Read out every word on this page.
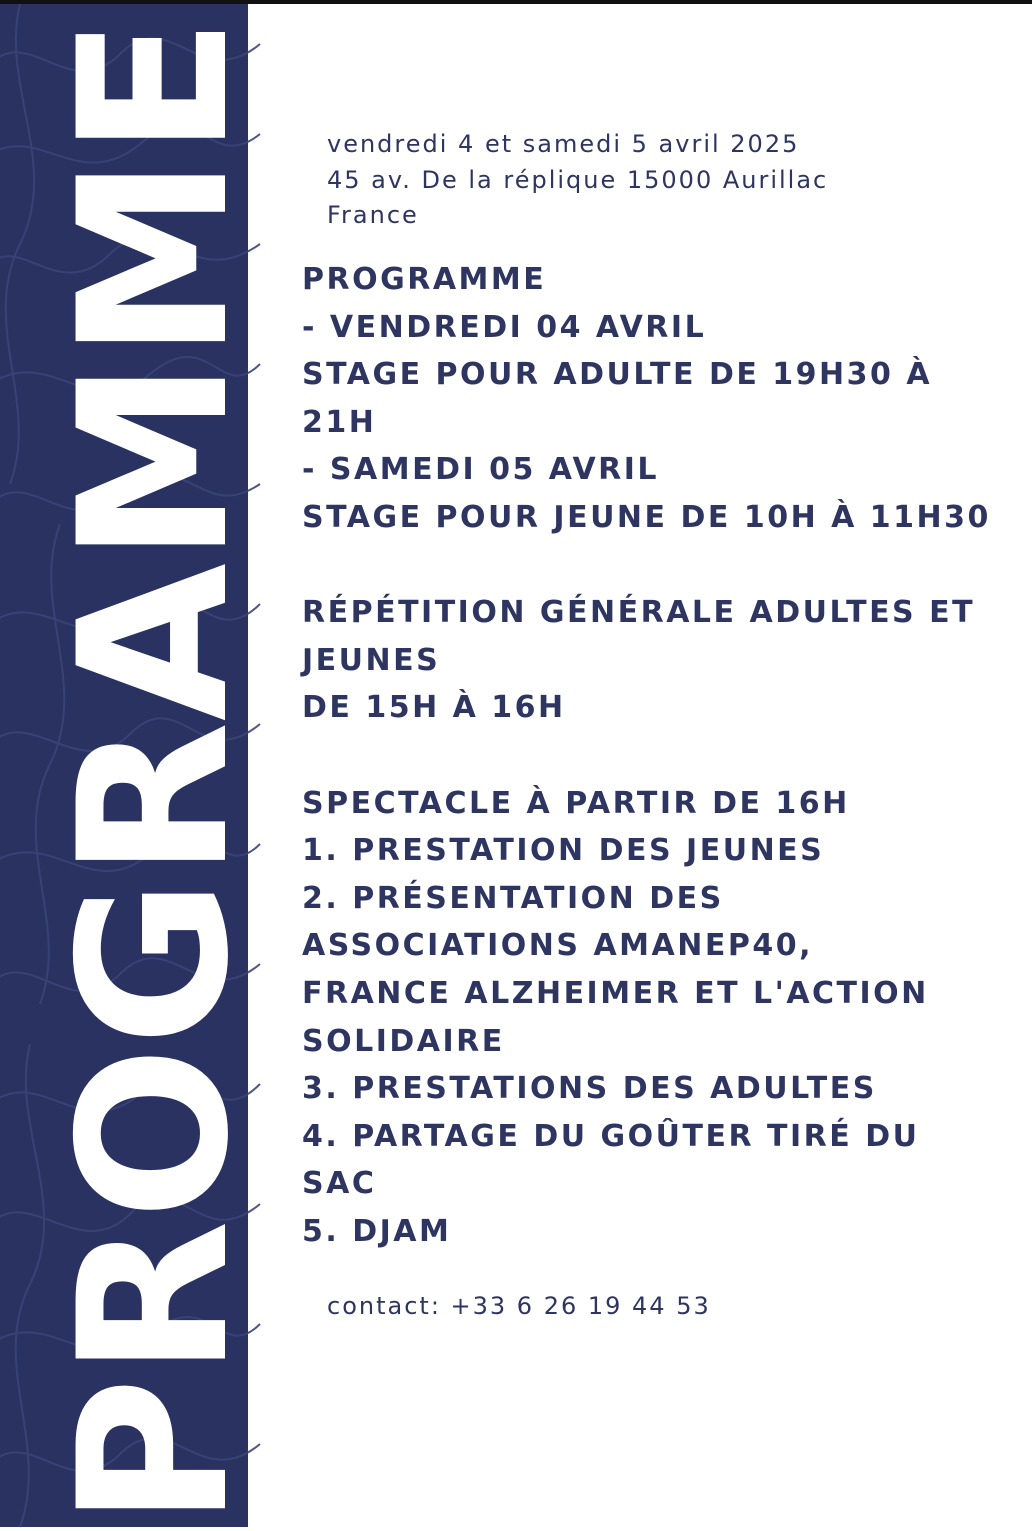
PROGRAMME vendredi 4 et samedi 5 avril 2025
45 av. De la réplique 15000 Aurillac
France
PROGRAMME
- VENDREDI 04 AVRIL
STAGE POUR ADULTE DE 19H30 À
21H
- SAMEDI 05 AVRIL
STAGE POUR JEUNE DE 10H À 11H30
RÉPÉTITION GÉNÉRALE ADULTES ET
JEUNES
DE 15H À 16H
SPECTACLE À PARTIR DE 16H
1. PRESTATION DES JEUNES
2. PRÉSENTATION DES
ASSOCIATIONS AMANEP40,
FRANCE ALZHEIMER ET L'ACTION
SOLIDAIRE
3. PRESTATIONS DES ADULTES
4. PARTAGE DU GOÛTER TIRÉ DU
SAC
5. DJAM
contact: +33 6 26 19 44 53
